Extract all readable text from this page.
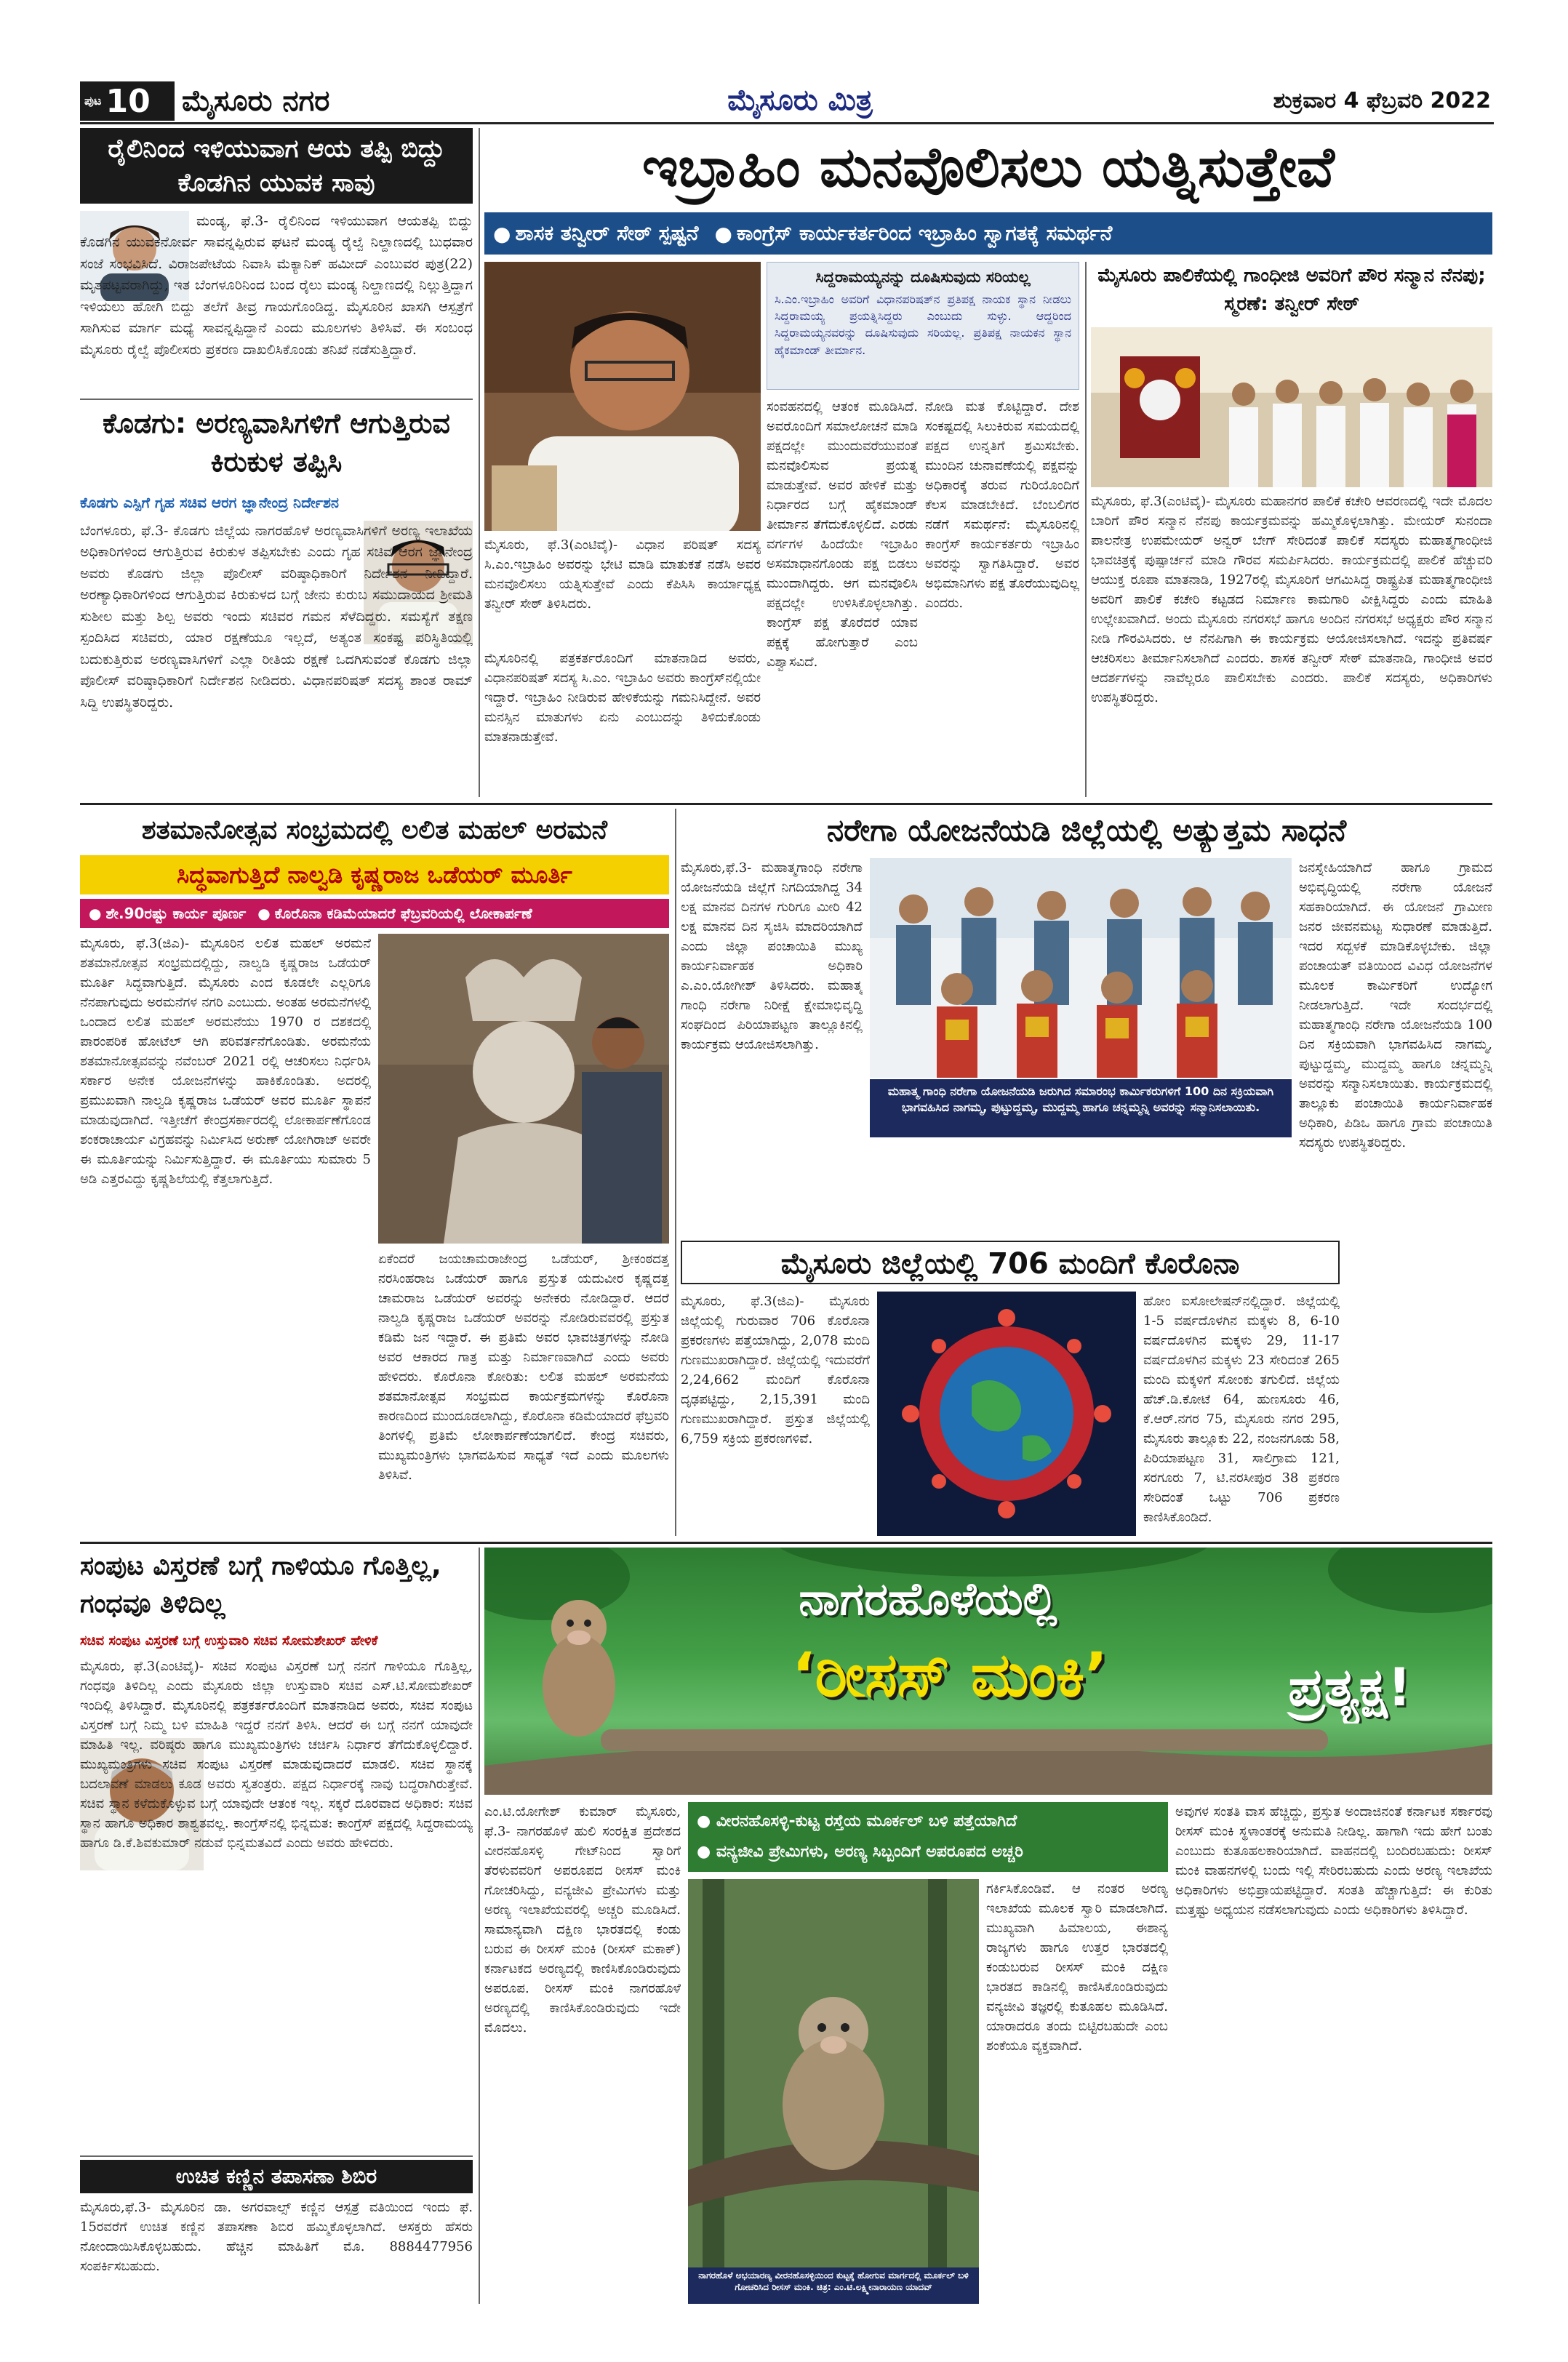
ಪುಟ 10 ಮೈಸೂರು ನಗರ	ಮೈಸೂರು ಮಿತ್ರ	ಶುಕ್ರವಾರ 4 ಫೆಬ್ರವರಿ 2022
ರೈಲಿನಿಂದ ಇಳಿಯುವಾಗ ಆಯ ತಪ್ಪಿ ಬಿದ್ದು ಕೊಡಗಿನ ಯುವಕ ಸಾವು
ಮಂಡ್ಯ, ಫೆ.3- ರೈಲಿನಿಂದ ಇಳಿಯುವಾಗ ಆಯತಪ್ಪಿ ಬಿದ್ದು ಕೊಡಗಿನ ಯುವಕನೋರ್ವ ಸಾವನ್ನಪ್ಪಿರುವ ಘಟನೆ ಮಂಡ್ಯ ರೈಲ್ವೆ ನಿಲ್ದಾಣದಲ್ಲಿ ಬುಧವಾರ ಸಂಜೆ ಸಂಭವಿಸಿದೆ. ವಿರಾಜಪೇಟೆಯ ನಿವಾಸಿ ಮೆಕ್ಯಾನಿಕ್ ಹಮೀದ್ ಎಂಬುವರ ಪುತ್ರ(22) ಮೃತಪಟ್ಟವರಾಗಿದ್ದು, ಇತ ಬೆಂಗಳೂರಿನಿಂದ ಬಂದ ರೈಲು ಮಂಡ್ಯ ನಿಲ್ದಾಣದಲ್ಲಿ ನಿಲ್ಲುತ್ತಿದ್ದಾಗ ಇಳಿಯಲು ಹೋಗಿ ಬಿದ್ದು ತಲೆಗೆ ತೀವ್ರ ಗಾಯಗೊಂಡಿದ್ದ. ಮೈಸೂರಿನ ಖಾಸಗಿ ಆಸ್ಪತ್ರೆಗೆ ಸಾಗಿಸುವ ಮಾರ್ಗ ಮಧ್ಯೆ ಸಾವನ್ನಪ್ಪಿದ್ದಾನೆ ಎಂದು ಮೂಲಗಳು ತಿಳಿಸಿವೆ. ಈ ಸಂಬಂಧ ಮೈಸೂರು ರೈಲ್ವೆ ಪೊಲೀಸರು ಪ್ರಕರಣ ದಾಖಲಿಸಿಕೊಂಡು ತನಿಖೆ ನಡೆಸುತ್ತಿದ್ದಾರೆ.
ಕೊಡಗು: ಅರಣ್ಯವಾಸಿಗಳಿಗೆ ಆಗುತ್ತಿರುವ ಕಿರುಕುಳ ತಪ್ಪಿಸಿ
ಕೊಡಗು ಎಸ್ಪಿಗೆ ಗೃಹ ಸಚಿವ ಆರಗ ಜ್ಞಾನೇಂದ್ರ ನಿರ್ದೇಶನ
ಬೆಂಗಳೂರು, ಫೆ.3- ಕೊಡಗು ಜಿಲ್ಲೆಯ ನಾಗರಹೊಳೆ ಅರಣ್ಯವಾಸಿಗಳಿಗೆ ಅರಣ್ಯ ಇಲಾಖೆಯ ಅಧಿಕಾರಿಗಳಿಂದ ಆಗುತ್ತಿರುವ ಕಿರುಕುಳ ತಪ್ಪಿಸಬೇಕು ಎಂದು ಗೃಹ ಸಚಿವ ಆರಗ ಜ್ಞಾನೇಂದ್ರ ಅವರು ಕೊಡಗು ಜಿಲ್ಲಾ ಪೊಲೀಸ್ ವರಿಷ್ಠಾಧಿಕಾರಿಗೆ ನಿರ್ದೇಶನ ನೀಡಿದ್ದಾರೆ. ಅರಣ್ಯಾಧಿಕಾರಿಗಳಿಂದ ಆಗುತ್ತಿರುವ ಕಿರುಕುಳದ ಬಗ್ಗೆ ಜೇನು ಕುರುಬ ಸಮುದಾಯದ ಶ್ರೀಮತಿ ಸುಶೀಲ ಮತ್ತು ಶಿಲ್ಪ ಅವರು ಇಂದು ಸಚಿವರ ಗಮನ ಸೆಳೆದಿದ್ದರು. ಸಮಸ್ಯೆಗೆ ತಕ್ಷಣ ಸ್ಪಂದಿಸಿದ ಸಚಿವರು, ಯಾರ ರಕ್ಷಣೆಯೂ ಇಲ್ಲದೆ, ಅತ್ಯಂತ ಸಂಕಷ್ಟ ಪರಿಸ್ಥಿತಿಯಲ್ಲಿ ಬದುಕುತ್ತಿರುವ ಅರಣ್ಯವಾಸಿಗಳಿಗೆ ಎಲ್ಲಾ ರೀತಿಯ ರಕ್ಷಣೆ ಒದಗಿಸುವಂತೆ ಕೊಡಗು ಜಿಲ್ಲಾ ಪೊಲೀಸ್ ವರಿಷ್ಠಾಧಿಕಾರಿಗೆ ನಿರ್ದೇಶನ ನೀಡಿದರು. ವಿಧಾನಪರಿಷತ್ ಸದಸ್ಯ ಶಾಂತ ರಾಮ್ ಸಿದ್ದಿ ಉಪಸ್ಥಿತರಿದ್ದರು.
ಇಬ್ರಾಹಿಂ ಮನವೊಲಿಸಲು ಯತ್ನಿಸುತ್ತೇವೆ
● ಶಾಸಕ ತನ್ವೀರ್ ಸೇಠ್ ಸ್ಪಷ್ಟನೆ ● ಕಾಂಗ್ರೆಸ್ ಕಾರ್ಯಕರ್ತರಿಂದ ಇಬ್ರಾಹಿಂ ಸ್ವಾಗತಕ್ಕೆ ಸಮರ್ಥನೆ
ಸಿದ್ದರಾಮಯ್ಯನನ್ನು ದೂಷಿಸುವುದು ಸರಿಯಲ್ಲ
ಸಿ.ಎಂ.ಇಬ್ರಾಹಿಂ ಅವರಿಗೆ ವಿಧಾನಪರಿಷತ್‌ನ ಪ್ರತಿಪಕ್ಷ ನಾಯಕ ಸ್ಥಾನ ನೀಡಲು ಸಿದ್ದರಾಮಯ್ಯ ಪ್ರಯತ್ನಿಸಿದ್ದರು ಎಂಬುದು ಸುಳ್ಳು. ಆದ್ದರಿಂದ ಸಿದ್ದರಾಮಯ್ಯನವರನ್ನು ದೂಷಿಸುವುದು ಸರಿಯಲ್ಲ. ಪ್ರತಿಪಕ್ಷ ನಾಯಕನ ಸ್ಥಾನ ಹೈಕಮಾಂಡ್ ತೀರ್ಮಾನ.
ಸಂವಹನದಲ್ಲಿ ಆತಂಕ ಮೂಡಿಸಿದೆ. ಅವರೊಂದಿಗೆ ಸಮಾಲೋಚನೆ ಮಾಡಿ ಪಕ್ಷದಲ್ಲೇ ಮುಂದುವರೆಯುವಂತೆ ಮನವೊಲಿಸುವ ಪ್ರಯತ್ನ ಮಾಡುತ್ತೇವೆ. ಅವರ ಹೇಳಿಕೆ ಮತ್ತು ನಿರ್ಧಾರದ ಬಗ್ಗೆ ಹೈಕಮಾಂಡ್ ತೀರ್ಮಾನ ತೆಗೆದುಕೊಳ್ಳಲಿದೆ. ಎರಡು ವರ್ಗಗಳ ಹಿಂದೆಯೇ ಇಬ್ರಾಹಿಂ ಅಸಮಾಧಾನಗೊಂಡು ಪಕ್ಷ ಬಿಡಲು ಮುಂದಾಗಿದ್ದರು. ಆಗ ಮನವೊಲಿಸಿ ಪಕ್ಷದಲ್ಲೇ ಉಳಿಸಿಕೊಳ್ಳಲಾಗಿತ್ತು. ಕಾಂಗ್ರೆಸ್ ಪಕ್ಷ ತೊರೆದರೆ ಯಾವ ಪಕ್ಷಕ್ಕೆ ಹೋಗುತ್ತಾರೆ ಎಂಬ ವಿಶ್ವಾಸವಿದೆ.
ನೋಡಿ ಮತ ಕೊಟ್ಟಿದ್ದಾರೆ. ದೇಶ ಸಂಕಷ್ಟದಲ್ಲಿ ಸಿಲುಕಿರುವ ಸಮಯದಲ್ಲಿ ಪಕ್ಷದ ಉನ್ನತಿಗೆ ಶ್ರಮಿಸಬೇಕು. ಮುಂದಿನ ಚುನಾವಣೆಯಲ್ಲಿ ಪಕ್ಷವನ್ನು ಅಧಿಕಾರಕ್ಕೆ ತರುವ ಗುರಿಯೊಂದಿಗೆ ಕೆಲಸ ಮಾಡಬೇಕಿದೆ. ಬೆಂಬಲಿಗರ ನಡೆಗೆ ಸಮರ್ಥನೆ: ಮೈಸೂರಿನಲ್ಲಿ ಕಾಂಗ್ರೆಸ್ ಕಾರ್ಯಕರ್ತರು ಇಬ್ರಾಹಿಂ ಅವರನ್ನು ಸ್ವಾಗತಿಸಿದ್ದಾರೆ. ಅವರ ಅಭಿಮಾನಿಗಳು ಪಕ್ಷ ತೊರೆಯುವುದಿಲ್ಲ ಎಂದರು.
ಮೈಸೂರು, ಫೆ.3(ಎಂಟಿವೈ)- ವಿಧಾನ ಪರಿಷತ್ ಸದಸ್ಯ ಸಿ.ಎಂ.ಇಬ್ರಾಹಿಂ ಅವರನ್ನು ಭೇಟಿ ಮಾಡಿ ಮಾತುಕತೆ ನಡೆಸಿ ಅವರ ಮನವೊಲಿಸಲು ಯತ್ನಿಸುತ್ತೇವೆ ಎಂದು ಕೆಪಿಸಿಸಿ ಕಾರ್ಯಾಧ್ಯಕ್ಷ ತನ್ವೀರ್ ಸೇಠ್ ತಿಳಿಸಿದರು.
ಮೈಸೂರಿನಲ್ಲಿ ಪತ್ರಕರ್ತರೊಂದಿಗೆ ಮಾತನಾಡಿದ ಅವರು, ವಿಧಾನಪರಿಷತ್ ಸದಸ್ಯ ಸಿ.ಎಂ. ಇಬ್ರಾಹಿಂ ಅವರು ಕಾಂಗ್ರೆಸ್‌ನಲ್ಲಿಯೇ ಇದ್ದಾರೆ. ಇಬ್ರಾಹಿಂ ನೀಡಿರುವ ಹೇಳಿಕೆಯನ್ನು ಗಮನಿಸಿದ್ದೇನೆ. ಅವರ ಮನಸ್ಸಿನ ಮಾತುಗಳು ಏನು ಎಂಬುದನ್ನು ತಿಳಿದುಕೊಂಡು ಮಾತನಾಡುತ್ತೇವೆ.
ಮೈಸೂರು ಪಾಲಿಕೆಯಲ್ಲಿ ಗಾಂಧೀಜಿ ಅವರಿಗೆ ಪೌರ ಸನ್ಮಾನ ನೆನಪು; ಸ್ಮರಣೆ: ತನ್ವೀರ್ ಸೇಠ್
ಮೈಸೂರು, ಫೆ.3(ಎಂಟಿವೈ)- ಮೈಸೂರು ಮಹಾನಗರ ಪಾಲಿಕೆ ಕಚೇರಿ ಆವರಣದಲ್ಲಿ ಇದೇ ಮೊದಲ ಬಾರಿಗೆ ಪೌರ ಸನ್ಮಾನ ನೆನಪು ಕಾರ್ಯಕ್ರಮವನ್ನು ಹಮ್ಮಿಕೊಳ್ಳಲಾಗಿತ್ತು. ಮೇಯರ್ ಸುನಂದಾ ಪಾಲನೇತ್ರ ಉಪಮೇಯರ್ ಅನ್ವರ್ ಬೇಗ್ ಸೇರಿದಂತೆ ಪಾಲಿಕೆ ಸದಸ್ಯರು ಮಹಾತ್ಮಗಾಂಧೀಜಿ ಭಾವಚಿತ್ರಕ್ಕೆ ಪುಷ್ಪಾರ್ಚನೆ ಮಾಡಿ ಗೌರವ ಸಮರ್ಪಿಸಿದರು. ಕಾರ್ಯಕ್ರಮದಲ್ಲಿ ಪಾಲಿಕೆ ಹೆಚ್ಚುವರಿ ಆಯುಕ್ತ ರೂಪಾ ಮಾತನಾಡಿ, 1927ರಲ್ಲಿ ಮೈಸೂರಿಗೆ ಆಗಮಿಸಿದ್ದ ರಾಷ್ಟ್ರಪಿತ ಮಹಾತ್ಮಗಾಂಧೀಜಿ ಅವರಿಗೆ ಪಾಲಿಕೆ ಕಚೇರಿ ಕಟ್ಟಡದ ನಿರ್ಮಾಣ ಕಾಮಗಾರಿ ವೀಕ್ಷಿಸಿದ್ದರು ಎಂದು ಮಾಹಿತಿ ಉಲ್ಲೇಖವಾಗಿದೆ. ಅಂದು ಮೈಸೂರು ನಗರಸಭೆ ಹಾಗೂ ಅಂದಿನ ನಗರಸಭೆ ಅಧ್ಯಕ್ಷರು ಪೌರ ಸನ್ಮಾನ ನೀಡಿ ಗೌರವಿಸಿದರು. ಆ ನೆನಪಿಗಾಗಿ ಈ ಕಾರ್ಯಕ್ರಮ ಆಯೋಜಿಸಲಾಗಿದೆ. ಇದನ್ನು ಪ್ರತಿವರ್ಷ ಆಚರಿಸಲು ತೀರ್ಮಾನಿಸಲಾಗಿದೆ ಎಂದರು. ಶಾಸಕ ತನ್ವೀರ್ ಸೇಠ್ ಮಾತನಾಡಿ, ಗಾಂಧೀಜಿ ಅವರ ಆದರ್ಶಗಳನ್ನು ನಾವೆಲ್ಲರೂ ಪಾಲಿಸಬೇಕು ಎಂದರು. ಪಾಲಿಕೆ ಸದಸ್ಯರು, ಅಧಿಕಾರಿಗಳು ಉಪಸ್ಥಿತರಿದ್ದರು.
ಶತಮಾನೋತ್ಸವ ಸಂಭ್ರಮದಲ್ಲಿ ಲಲಿತ ಮಹಲ್ ಅರಮನೆ
ಸಿದ್ಧವಾಗುತ್ತಿದೆ ನಾಲ್ವಡಿ ಕೃಷ್ಣರಾಜ ಒಡೆಯರ್ ಮೂರ್ತಿ
● ಶೇ.90ರಷ್ಟು ಕಾರ್ಯ ಪೂರ್ಣ ● ಕೊರೊನಾ ಕಡಿಮೆಯಾದರೆ ಫೆಬ್ರವರಿಯಲ್ಲಿ ಲೋಕಾರ್ಪಣೆ
ಮೈಸೂರು, ಫೆ.3(ಜಿಎ)- ಮೈಸೂರಿನ ಲಲಿತ ಮಹಲ್ ಅರಮನೆ ಶತಮಾನೋತ್ಸವ ಸಂಭ್ರಮದಲ್ಲಿದ್ದು, ನಾಲ್ವಡಿ ಕೃಷ್ಣರಾಜ ಒಡೆಯರ್ ಮೂರ್ತಿ ಸಿದ್ಧವಾಗುತ್ತಿದೆ. ಮೈಸೂರು ಎಂದ ಕೂಡಲೇ ಎಲ್ಲರಿಗೂ ನೆನಪಾಗುವುದು ಅರಮನೆಗಳ ನಗರಿ ಎಂಬುದು. ಅಂತಹ ಅರಮನೆಗಳಲ್ಲಿ ಒಂದಾದ ಲಲಿತ ಮಹಲ್ ಅರಮನೆಯು 1970 ರ ದಶಕದಲ್ಲಿ ಪಾರಂಪರಿಕ ಹೋಟೆಲ್ ಆಗಿ ಪರಿವರ್ತನೆಗೊಂಡಿತು. ಅರಮನೆಯ ಶತಮಾನೋತ್ಸವವನ್ನು ನವೆಂಬರ್ 2021 ರಲ್ಲಿ ಆಚರಿಸಲು ನಿರ್ಧರಿಸಿ ಸರ್ಕಾರ ಅನೇಕ ಯೋಜನೆಗಳನ್ನು ಹಾಕಿಕೊಂಡಿತು. ಅದರಲ್ಲಿ ಪ್ರಮುಖವಾಗಿ ನಾಲ್ವಡಿ ಕೃಷ್ಣರಾಜ ಒಡೆಯರ್ ಅವರ ಮೂರ್ತಿ ಸ್ಥಾಪನೆ ಮಾಡುವುದಾಗಿದೆ. ಇತ್ತೀಚೆಗೆ ಕೇಂದ್ರಸರ್ಕಾರದಲ್ಲಿ ಲೋಕಾರ್ಪಣೆಗೊಂಡ ಶಂಕರಾಚಾರ್ಯ ವಿಗ್ರಹವನ್ನು ನಿರ್ಮಿಸಿದ ಅರುಣ್ ಯೋಗಿರಾಜ್ ಅವರೇ ಈ ಮೂರ್ತಿಯನ್ನು ನಿರ್ಮಿಸುತ್ತಿದ್ದಾರೆ. ಈ ಮೂರ್ತಿಯು ಸುಮಾರು 5 ಅಡಿ ಎತ್ತರವಿದ್ದು ಕೃಷ್ಣಶಿಲೆಯಲ್ಲಿ ಕೆತ್ತಲಾಗುತ್ತಿದೆ.
ಏಕೆಂದರೆ ಜಯಚಾಮರಾಜೇಂದ್ರ ಒಡೆಯರ್, ಶ್ರೀಕಂಠದತ್ತ ನರಸಿಂಹರಾಜ ಒಡೆಯರ್ ಹಾಗೂ ಪ್ರಸ್ತುತ ಯದುವೀರ ಕೃಷ್ಣದತ್ತ ಚಾಮರಾಜ ಒಡೆಯರ್ ಅವರನ್ನು ಅನೇಕರು ನೋಡಿದ್ದಾರೆ. ಆದರೆ ನಾಲ್ವಡಿ ಕೃಷ್ಣರಾಜ ಒಡೆಯರ್ ಅವರನ್ನು ನೋಡಿರುವವರಲ್ಲಿ ಪ್ರಸ್ತುತ ಕಡಿಮೆ ಜನ ಇದ್ದಾರೆ. ಈ ಪ್ರತಿಮೆ ಅವರ ಭಾವಚಿತ್ರಗಳನ್ನು ನೋಡಿ ಅವರ ಆಕಾರದ ಗಾತ್ರ ಮತ್ತು ನಿರ್ಮಾಣವಾಗಿದೆ ಎಂದು ಅವರು ಹೇಳಿದರು. ಕೊರೊನಾ ಕೋರಿತು: ಲಲಿತ ಮಹಲ್ ಅರಮನೆಯ ಶತಮಾನೋತ್ಸವ ಸಂಭ್ರಮದ ಕಾರ್ಯಕ್ರಮಗಳನ್ನು ಕೊರೊನಾ ಕಾರಣದಿಂದ ಮುಂದೂಡಲಾಗಿದ್ದು, ಕೊರೊನಾ ಕಡಿಮೆಯಾದರೆ ಫೆಬ್ರವರಿ ತಿಂಗಳಲ್ಲಿ ಪ್ರತಿಮೆ ಲೋಕಾರ್ಪಣೆಯಾಗಲಿದೆ. ಕೇಂದ್ರ ಸಚಿವರು, ಮುಖ್ಯಮಂತ್ರಿಗಳು ಭಾಗವಹಿಸುವ ಸಾಧ್ಯತೆ ಇದೆ ಎಂದು ಮೂಲಗಳು ತಿಳಿಸಿವೆ.
ನರೇಗಾ ಯೋಜನೆಯಡಿ ಜಿಲ್ಲೆಯಲ್ಲಿ ಅತ್ಯುತ್ತಮ ಸಾಧನೆ
ಮೈಸೂರು,ಫೆ.3- ಮಹಾತ್ಮಗಾಂಧಿ ನರೇಗಾ ಯೋಜನೆಯಡಿ ಜಿಲ್ಲೆಗೆ ನಿಗದಿಯಾಗಿದ್ದ 34 ಲಕ್ಷ ಮಾನವ ದಿನಗಳ ಗುರಿಗೂ ಮೀರಿ 42 ಲಕ್ಷ ಮಾನವ ದಿನ ಸೃಜಿಸಿ ಮಾದರಿಯಾಗಿದೆ ಎಂದು ಜಿಲ್ಲಾ ಪಂಚಾಯಿತಿ ಮುಖ್ಯ ಕಾರ್ಯನಿರ್ವಾಹಕ ಅಧಿಕಾರಿ ಎ.ಎಂ.ಯೋಗೀಶ್ ತಿಳಿಸಿದರು. ಮಹಾತ್ಮ ಗಾಂಧಿ ನರೇಗಾ ನಿರೀಕ್ಷೆ ಕ್ಷೇಮಾಭಿವೃದ್ಧಿ ಸಂಘದಿಂದ ಪಿರಿಯಾಪಟ್ಟಣ ತಾಲ್ಲೂಕಿನಲ್ಲಿ ಕಾರ್ಯಕ್ರಮ ಆಯೋಜಿಸಲಾಗಿತ್ತು.
ಮಹಾತ್ಮ ಗಾಂಧಿ ನರೇಗಾ ಯೋಜನೆಯಡಿ ಜರುಗಿದ ಸಮಾರಂಭ ಕಾರ್ಮಿಕರುಗಳಿಗೆ 100 ದಿನ ಸಕ್ರಿಯವಾಗಿ ಭಾಗವಹಿಸಿದ ನಾಗಮ್ಮ, ಪುಟ್ಟುದ್ದಮ್ಮ, ಮುದ್ದಮ್ಮ ಹಾಗೂ ಚನ್ನಮ್ಮನ್ನಿ ಅವರನ್ನು ಸನ್ಮಾನಿಸಲಾಯಿತು.
ಜನಸ್ನೇಹಿಯಾಗಿದೆ ಹಾಗೂ ಗ್ರಾಮದ ಅಭಿವೃದ್ಧಿಯಲ್ಲಿ ನರೇಗಾ ಯೋಜನೆ ಸಹಕಾರಿಯಾಗಿದೆ. ಈ ಯೋಜನೆ ಗ್ರಾಮೀಣ ಜನರ ಜೀವನಮಟ್ಟ ಸುಧಾರಣೆ ಮಾಡುತ್ತಿದೆ. ಇದರ ಸದ್ಬಳಕೆ ಮಾಡಿಕೊಳ್ಳಬೇಕು. ಜಿಲ್ಲಾ ಪಂಚಾಯತ್ ವತಿಯಿಂದ ವಿವಿಧ ಯೋಜನೆಗಳ ಮೂಲಕ ಕಾರ್ಮಿಕರಿಗೆ ಉದ್ಯೋಗ ನೀಡಲಾಗುತ್ತಿದೆ. ಇದೇ ಸಂದರ್ಭದಲ್ಲಿ ಮಹಾತ್ಮಗಾಂಧಿ ನರೇಗಾ ಯೋಜನೆಯಡಿ 100 ದಿನ ಸಕ್ರಿಯವಾಗಿ ಭಾಗವಹಿಸಿದ ನಾಗಮ್ಮ, ಪುಟ್ಟುದ್ದಮ್ಮ, ಮುದ್ದಮ್ಮ ಹಾಗೂ ಚನ್ನಮ್ಮನ್ನಿ ಅವರನ್ನು ಸನ್ಮಾನಿಸಲಾಯಿತು. ಕಾರ್ಯಕ್ರಮದಲ್ಲಿ ತಾಲ್ಲೂಕು ಪಂಚಾಯಿತಿ ಕಾರ್ಯನಿರ್ವಾಹಕ ಅಧಿಕಾರಿ, ಪಿಡಿಒ ಹಾಗೂ ಗ್ರಾಮ ಪಂಚಾಯಿತಿ ಸದಸ್ಯರು ಉಪಸ್ಥಿತರಿದ್ದರು.
ಮೈಸೂರು ಜಿಲ್ಲೆಯಲ್ಲಿ 706 ಮಂದಿಗೆ ಕೊರೊನಾ
ಮೈಸೂರು, ಫೆ.3(ಜಿಎ)- ಮೈಸೂರು ಜಿಲ್ಲೆಯಲ್ಲಿ ಗುರುವಾರ 706 ಕೊರೊನಾ ಪ್ರಕರಣಗಳು ಪತ್ತೆಯಾಗಿದ್ದು, 2,078 ಮಂದಿ ಗುಣಮುಖರಾಗಿದ್ದಾರೆ. ಜಿಲ್ಲೆಯಲ್ಲಿ ಇದುವರೆಗೆ 2,24,662 ಮಂದಿಗೆ ಕೊರೊನಾ ದೃಢಪಟ್ಟಿದ್ದು, 2,15,391 ಮಂದಿ ಗುಣಮುಖರಾಗಿದ್ದಾರೆ. ಪ್ರಸ್ತುತ ಜಿಲ್ಲೆಯಲ್ಲಿ 6,759 ಸಕ್ರಿಯ ಪ್ರಕರಣಗಳಿವೆ.
ಹೋಂ ಐಸೋಲೇಷನ್‌ನಲ್ಲಿದ್ದಾರೆ. ಜಿಲ್ಲೆಯಲ್ಲಿ 1-5 ವರ್ಷದೊಳಗಿನ ಮಕ್ಕಳು 8, 6-10 ವರ್ಷದೊಳಗಿನ ಮಕ್ಕಳು 29, 11-17 ವರ್ಷದೊಳಗಿನ ಮಕ್ಕಳು 23 ಸೇರಿದಂತೆ 265 ಮಂದಿ ಮಕ್ಕಳಿಗೆ ಸೋಂಕು ತಗುಲಿದೆ. ಜಿಲ್ಲೆಯ ಹೆಚ್.ಡಿ.ಕೋಟೆ 64, ಹುಣಸೂರು 46, ಕೆ.ಆರ್.ನಗರ 75, ಮೈಸೂರು ನಗರ 295, ಮೈಸೂರು ತಾಲ್ಲೂಕು 22, ನಂಜನಗೂಡು 58, ಪಿರಿಯಾಪಟ್ಟಣ 31, ಸಾಲಿಗ್ರಾಮ 121, ಸರಗೂರು 7, ಟಿ.ನರಸೀಪುರ 38 ಪ್ರಕರಣ ಸೇರಿದಂತೆ ಒಟ್ಟು 706 ಪ್ರಕರಣ ಕಾಣಿಸಿಕೊಂಡಿದೆ.
ಸಂಪುಟ ವಿಸ್ತರಣೆ ಬಗ್ಗೆ ಗಾಳಿಯೂ ಗೊತ್ತಿಲ್ಲ, ಗಂಧವೂ ತಿಳಿದಿಲ್ಲ
ಸಚಿವ ಸಂಪುಟ ವಿಸ್ತರಣೆ ಬಗ್ಗೆ ಉಸ್ತುವಾರಿ ಸಚಿವ ಸೋಮಶೇಖರ್ ಹೇಳಿಕೆ
ಮೈಸೂರು, ಫೆ.3(ಎಂಟಿವೈ)- ಸಚಿವ ಸಂಪುಟ ವಿಸ್ತರಣೆ ಬಗ್ಗೆ ನನಗೆ ಗಾಳಿಯೂ ಗೊತ್ತಿಲ್ಲ, ಗಂಧವೂ ತಿಳಿದಿಲ್ಲ ಎಂದು ಮೈಸೂರು ಜಿಲ್ಲಾ ಉಸ್ತುವಾರಿ ಸಚಿವ ಎಸ್.ಟಿ.ಸೋಮಶೇಖರ್ ಇಂದಿಲ್ಲಿ ತಿಳಿಸಿದ್ದಾರೆ. ಮೈಸೂರಿನಲ್ಲಿ ಪತ್ರಕರ್ತರೊಂದಿಗೆ ಮಾತನಾಡಿದ ಅವರು, ಸಚಿವ ಸಂಪುಟ ವಿಸ್ತರಣೆ ಬಗ್ಗೆ ನಿಮ್ಮ ಬಳಿ ಮಾಹಿತಿ ಇದ್ದರೆ ನನಗೆ ತಿಳಿಸಿ. ಆದರೆ ಈ ಬಗ್ಗೆ ನನಗೆ ಯಾವುದೇ ಮಾಹಿತಿ ಇಲ್ಲ. ವರಿಷ್ಠರು ಹಾಗೂ ಮುಖ್ಯಮಂತ್ರಿಗಳು ಚರ್ಚಿಸಿ ನಿರ್ಧಾರ ತೆಗೆದುಕೊಳ್ಳಲಿದ್ದಾರೆ. ಮುಖ್ಯಮಂತ್ರಿಗಳು ಸಚಿವ ಸಂಪುಟ ವಿಸ್ತರಣೆ ಮಾಡುವುದಾದರೆ ಮಾಡಲಿ. ಸಚಿವ ಸ್ಥಾನಕ್ಕೆ ಬದಲಾವಣೆ ಮಾಡಲು ಕೂಡ ಅವರು ಸ್ವತಂತ್ರರು. ಪಕ್ಷದ ನಿರ್ಧಾರಕ್ಕೆ ನಾವು ಬದ್ಧರಾಗಿರುತ್ತೇವೆ. ಸಚಿವ ಸ್ಥಾನ ಕಳೆದುಕೊಳ್ಳುವ ಬಗ್ಗೆ ಯಾವುದೇ ಆತಂಕ ಇಲ್ಲ. ಸಕ್ಕರೆ ದೂರವಾದ ಅಧಿಕಾರ: ಸಚಿವ ಸ್ಥಾನ ಹಾಗೂ ಅಧಿಕಾರ ಶಾಶ್ವತವಲ್ಲ. ಕಾಂಗ್ರೆಸ್‌ನಲ್ಲಿ ಭಿನ್ನಮತ: ಕಾಂಗ್ರೆಸ್ ಪಕ್ಷದಲ್ಲಿ ಸಿದ್ದರಾಮಯ್ಯ ಹಾಗೂ ಡಿ.ಕೆ.ಶಿವಕುಮಾರ್ ನಡುವೆ ಭಿನ್ನಮತವಿದೆ ಎಂದು ಅವರು ಹೇಳಿದರು.
ಉಚಿತ ಕಣ್ಣಿನ ತಪಾಸಣಾ ಶಿಬಿರ
ಮೈಸೂರು,ಫೆ.3- ಮೈಸೂರಿನ ಡಾ. ಅಗರವಾಲ್ಸ್ ಕಣ್ಣಿನ ಆಸ್ಪತ್ರೆ ವತಿಯಿಂದ ಇಂದು ಫೆ. 15ರವರೆಗೆ ಉಚಿತ ಕಣ್ಣಿನ ತಪಾಸಣಾ ಶಿಬಿರ ಹಮ್ಮಿಕೊಳ್ಳಲಾಗಿದೆ. ಆಸಕ್ತರು ಹೆಸರು ನೋಂದಾಯಿಸಿಕೊಳ್ಳಬಹುದು. ಹೆಚ್ಚಿನ ಮಾಹಿತಿಗೆ ಮೊ. 8884477956 ಸಂಪರ್ಕಿಸಬಹುದು.
ನಾಗರಹೊಳೆಯಲ್ಲಿ
‘ರೀಸಸ್ ಮಂಕಿ’	ಪ್ರತ್ಯಕ್ಷ!
ಎಂ.ಟಿ.ಯೋಗೇಶ್ ಕುಮಾರ್ ಮೈಸೂರು, ಫೆ.3- ನಾಗರಹೊಳೆ ಹುಲಿ ಸಂರಕ್ಷಿತ ಪ್ರದೇಶದ ವೀರನಹೊಸಳ್ಳಿ ಗೇಟ್‌ನಿಂದ ಸ್ವಾರಿಗೆ ತೆರಳುವವರಿಗೆ ಅಪರೂಪದ ರೀಸಸ್ ಮಂಕಿ ಗೋಚರಿಸಿದ್ದು, ವನ್ಯಜೀವಿ ಪ್ರೇಮಿಗಳು ಮತ್ತು ಅರಣ್ಯ ಇಲಾಖೆಯವರಲ್ಲಿ ಅಚ್ಚರಿ ಮೂಡಿಸಿದೆ. ಸಾಮಾನ್ಯವಾಗಿ ದಕ್ಷಿಣ ಭಾರತದಲ್ಲಿ ಕಂಡು ಬರುವ ಈ ರೀಸಸ್ ಮಂಕಿ (ರೀಸಸ್ ಮಕಾಕ್) ಕರ್ನಾಟಕದ ಅರಣ್ಯದಲ್ಲಿ ಕಾಣಿಸಿಕೊಂಡಿರುವುದು ಅಪರೂಪ. ರೀಸಸ್ ಮಂಕಿ ನಾಗರಹೊಳೆ ಅರಣ್ಯದಲ್ಲಿ ಕಾಣಿಸಿಕೊಂಡಿರುವುದು ಇದೇ ಮೊದಲು.
● ವೀರನಹೊಸಳ್ಳಿ-ಕುಟ್ಟ ರಸ್ತೆಯ ಮೂರ್ಕಲ್ ಬಳಿ ಪತ್ತೆಯಾಗಿದೆ
● ವನ್ಯಜೀವಿ ಪ್ರೇಮಿಗಳು, ಅರಣ್ಯ ಸಿಬ್ಬಂದಿಗೆ ಅಪರೂಪದ ಅಚ್ಚರಿ
ನಾಗರಹೊಳೆ ಅಭಯಾರಣ್ಯ ವೀರನಹೊಸಳ್ಳಿಯಿಂದ ಕುಟ್ಟಕ್ಕೆ ಹೋಗುವ ಮಾರ್ಗದಲ್ಲಿ ಮೂರ್ಕಲ್ ಬಳಿ ಗೋಚರಿಸಿದ ರೀಸಸ್ ಮಂಕಿ. ಚಿತ್ರ: ಎಂ.ಟಿ.ಲಕ್ಷ್ಮೀನಾರಾಯಣ ಯಾದವ್
ಗರ್ಕಿಸಿಕೊಂಡಿವೆ. ಆ ನಂತರ ಅರಣ್ಯ ಇಲಾಖೆಯ ಮೂಲಕ ಸ್ವಾರಿ ಮಾಡಲಾಗಿದೆ. ಮುಖ್ಯವಾಗಿ ಹಿಮಾಲಯ, ಈಶಾನ್ಯ ರಾಜ್ಯಗಳು ಹಾಗೂ ಉತ್ತರ ಭಾರತದಲ್ಲಿ ಕಂಡುಬರುವ ರೀಸಸ್ ಮಂಕಿ ದಕ್ಷಿಣ ಭಾರತದ ಕಾಡಿನಲ್ಲಿ ಕಾಣಿಸಿಕೊಂಡಿರುವುದು ವನ್ಯಜೀವಿ ತಜ್ಞರಲ್ಲಿ ಕುತೂಹಲ ಮೂಡಿಸಿದೆ. ಯಾರಾದರೂ ತಂದು ಬಿಟ್ಟಿರಬಹುದೇ ಎಂಬ ಶಂಕೆಯೂ ವ್ಯಕ್ತವಾಗಿದೆ.
ಅವುಗಳ ಸಂತತಿ ವಾಸ ಹೆಚ್ಚಿದ್ದು, ಪ್ರಸ್ತುತ ಅಂದಾಜಿನಂತೆ ಕರ್ನಾಟಕ ಸರ್ಕಾರವು ರೀಸಸ್ ಮಂಕಿ ಸ್ಥಳಾಂತರಕ್ಕೆ ಅನುಮತಿ ನೀಡಿಲ್ಲ. ಹಾಗಾಗಿ ಇದು ಹೇಗೆ ಬಂತು ಎಂಬುದು ಕುತೂಹಲಕಾರಿಯಾಗಿದೆ. ವಾಹನದಲ್ಲಿ ಬಂದಿರಬಹುದು: ರೀಸಸ್ ಮಂಕಿ ವಾಹನಗಳಲ್ಲಿ ಬಂದು ಇಲ್ಲಿ ಸೇರಿರಬಹುದು ಎಂದು ಅರಣ್ಯ ಇಲಾಖೆಯ ಅಧಿಕಾರಿಗಳು ಅಭಿಪ್ರಾಯಪಟ್ಟಿದ್ದಾರೆ. ಸಂತತಿ ಹೆಚ್ಚಾಗುತ್ತಿದೆ: ಈ ಕುರಿತು ಮತ್ತಷ್ಟು ಅಧ್ಯಯನ ನಡೆಸಲಾಗುವುದು ಎಂದು ಅಧಿಕಾರಿಗಳು ತಿಳಿಸಿದ್ದಾರೆ.
